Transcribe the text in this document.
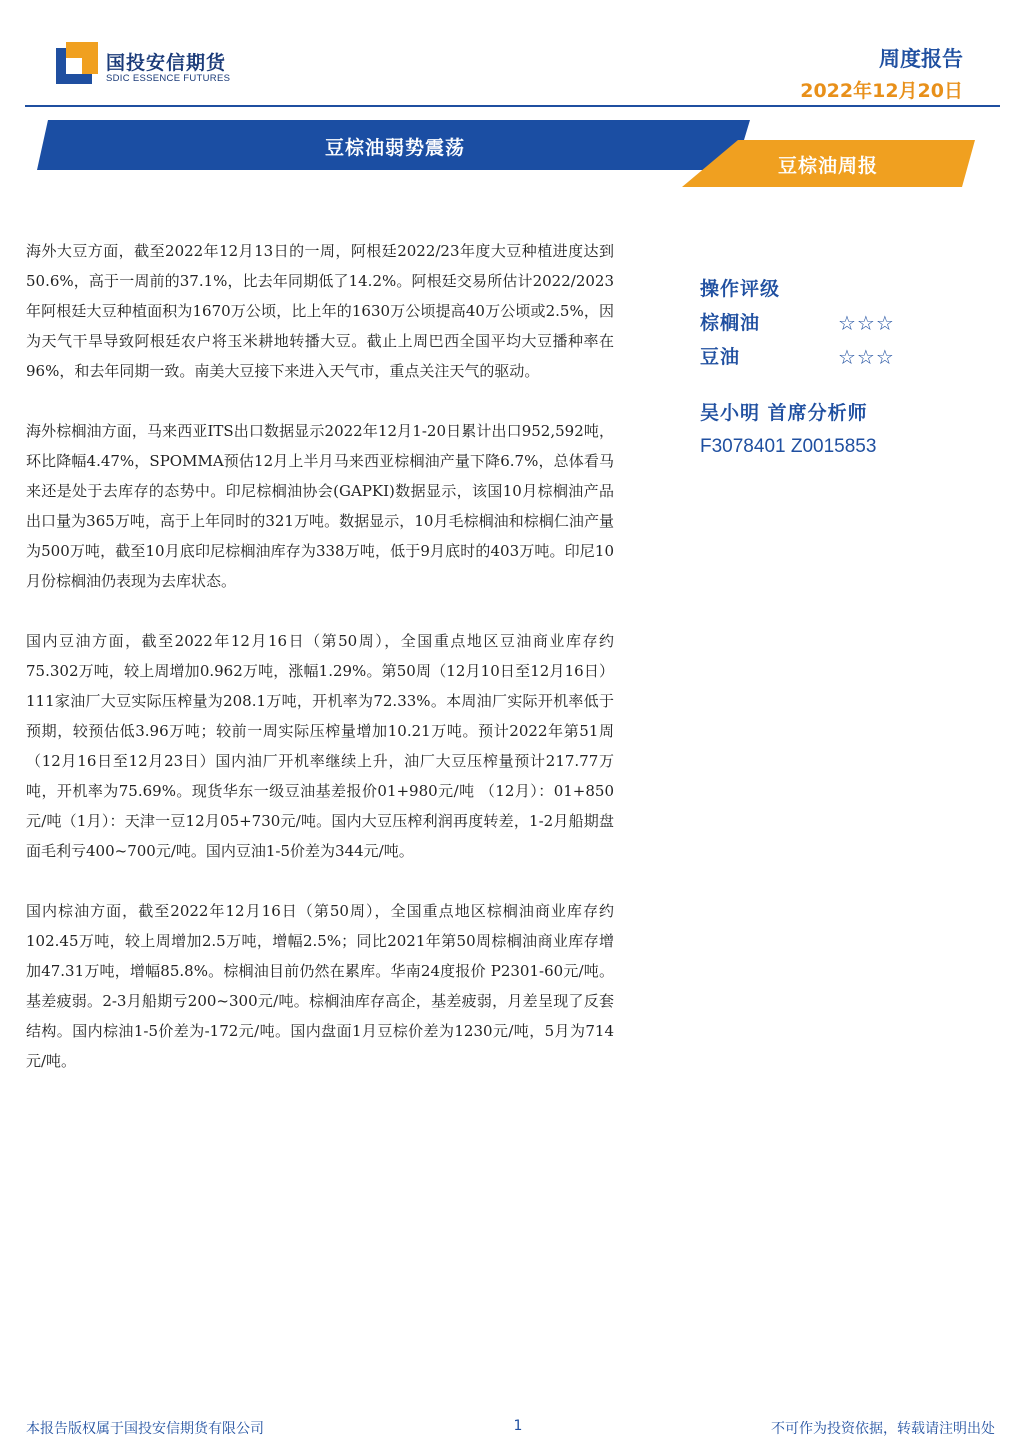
国投安信期货
SDIC ESSENCE FUTURES
周度报告
2022年12月20日
豆棕油弱势震荡
豆棕油周报

海外大豆方面，截至2022年12月13日的一周，阿根廷2022/23年度大豆种植进度达到50.6%，高于一周前的37.1%，比去年同期低了14.2%。阿根廷交易所估计2022/2023年阿根廷大豆种植面积为1670万公顷，比上年的1630万公顷提高40万公顷或2.5%，因为天气干旱导致阿根廷农户将玉米耕地转播大豆。截止上周巴西全国平均大豆播种率在 96%，和去年同期一致。南美大豆接下来进入天气市，重点关注天气的驱动。

海外棕榈油方面，马来西亚ITS出口数据显示2022年12月1-20日累计出口952,592吨，环比降幅4.47%，SPOMMA预估12月上半月马来西亚棕榈油产量下降6.7%，总体看马来还是处于去库存的态势中。印尼棕榈油协会(GAPKI)数据显示，该国10月棕榈油产品出口量为365万吨，高于上年同时的321万吨。数据显示，10月毛棕榈油和棕榈仁油产量为500万吨，截至10月底印尼棕榈油库存为338万吨，低于9月底时的403万吨。印尼10月份棕榈油仍表现为去库状态。

国内豆油方面，截至2022年12月16日（第50周），全国重点地区豆油商业库存约75.302万吨，较上周增加0.962万吨，涨幅1.29%。第50周（12月10日至12月16日）111家油厂大豆实际压榨量为208.1万吨，开机率为72.33%。本周油厂实际开机率低于预期，较预估低3.96万吨；较前一周实际压榨量增加10.21万吨。预计2022年第51周（12月16日至12月23日）国内油厂开机率继续上升，油厂大豆压榨量预计217.77万吨，开机率为75.69%。现货华东一级豆油基差报价01+980元/吨 （12月）：01+850元/吨（1月）：天津一豆12月05+730元/吨。国内大豆压榨利润再度转差，1-2月船期盘面毛利亏400~700元/吨。国内豆油1-5价差为344元/吨。

国内棕油方面，截至2022年12月16日（第50周），全国重点地区棕榈油商业库存约102.45万吨，较上周增加2.5万吨，增幅2.5%；同比2021年第50周棕榈油商业库存增加47.31万吨，增幅85.8%。棕榈油目前仍然在累库。华南24度报价 P2301-60元/吨。基差疲弱。2-3月船期亏200~300元/吨。棕榈油库存高企，基差疲弱，月差呈现了反套结构。国内棕油1-5价差为-172元/吨。国内盘面1月豆棕价差为1230元/吨，5月为714元/吨。

操作评级
棕榈油	☆☆☆
豆油	☆☆☆
吴小明 首席分析师
F3078401 Z0015853
本报告版权属于国投安信期货有限公司	1	不可作为投资依据，转载请注明出处
